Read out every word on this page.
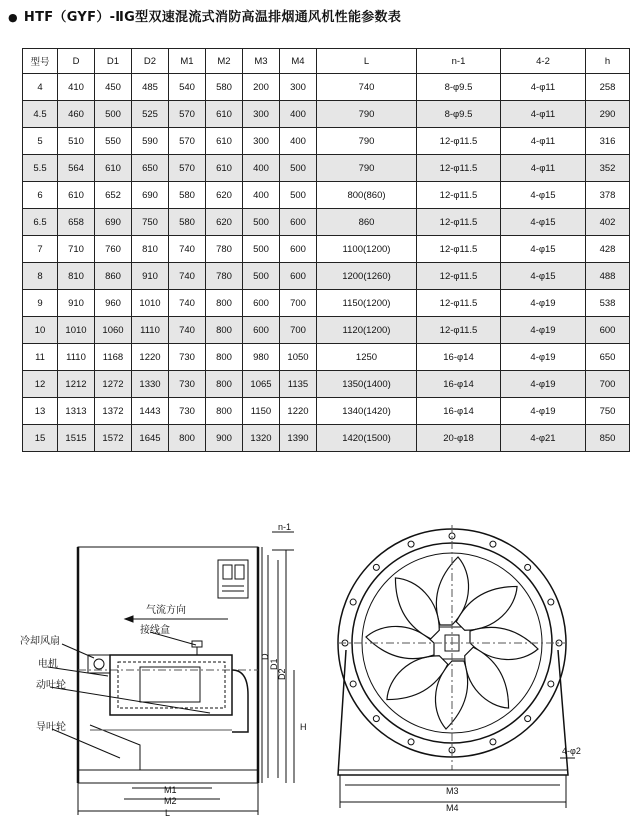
● HTF（GYF）-ⅡG型双速混流式消防高温排烟通风机性能参数表
型号	D	D1	D2	M1	M2	M3	M4	L	n-1	4-2	h
4	410	450	485	540	580	200	300	740	8-φ9.5	4-φ11	258
4.5	460	500	525	570	610	300	400	790	8-φ9.5	4-φ11	290
5	510	550	590	570	610	300	400	790	12-φ11.5	4-φ11	316
5.5	564	610	650	570	610	400	500	790	12-φ11.5	4-φ11	352
6	610	652	690	580	620	400	500	800(860)	12-φ11.5	4-φ15	378
6.5	658	690	750	580	620	500	600	860	12-φ11.5	4-φ15	402
7	710	760	810	740	780	500	600	1100(1200)	12-φ11.5	4-φ15	428
8	810	860	910	740	780	500	600	1200(1260)	12-φ11.5	4-φ15	488
9	910	960	1010	740	800	600	700	1150(1200)	12-φ11.5	4-φ19	538
10	1010	1060	1110	740	800	600	700	1120(1200)	12-φ11.5	4-φ19	600
11	1110	1168	1220	730	800	980	1050	1250	16-φ14	4-φ19	650
12	1212	1272	1330	730	800	1065	1135	1350(1400)	16-φ14	4-φ19	700
13	1313	1372	1443	730	800	1150	1220	1340(1420)	16-φ14	4-φ19	750
15	1515	1572	1645	800	900	1320	1390	1420(1500)	20-φ18	4-φ21	850
气流方向
接线盒
冷却风扇
电机
动叶轮
导叶轮
n-1
D
D1
D2
H
M1
M2
L
M3
M4
4-φ2
